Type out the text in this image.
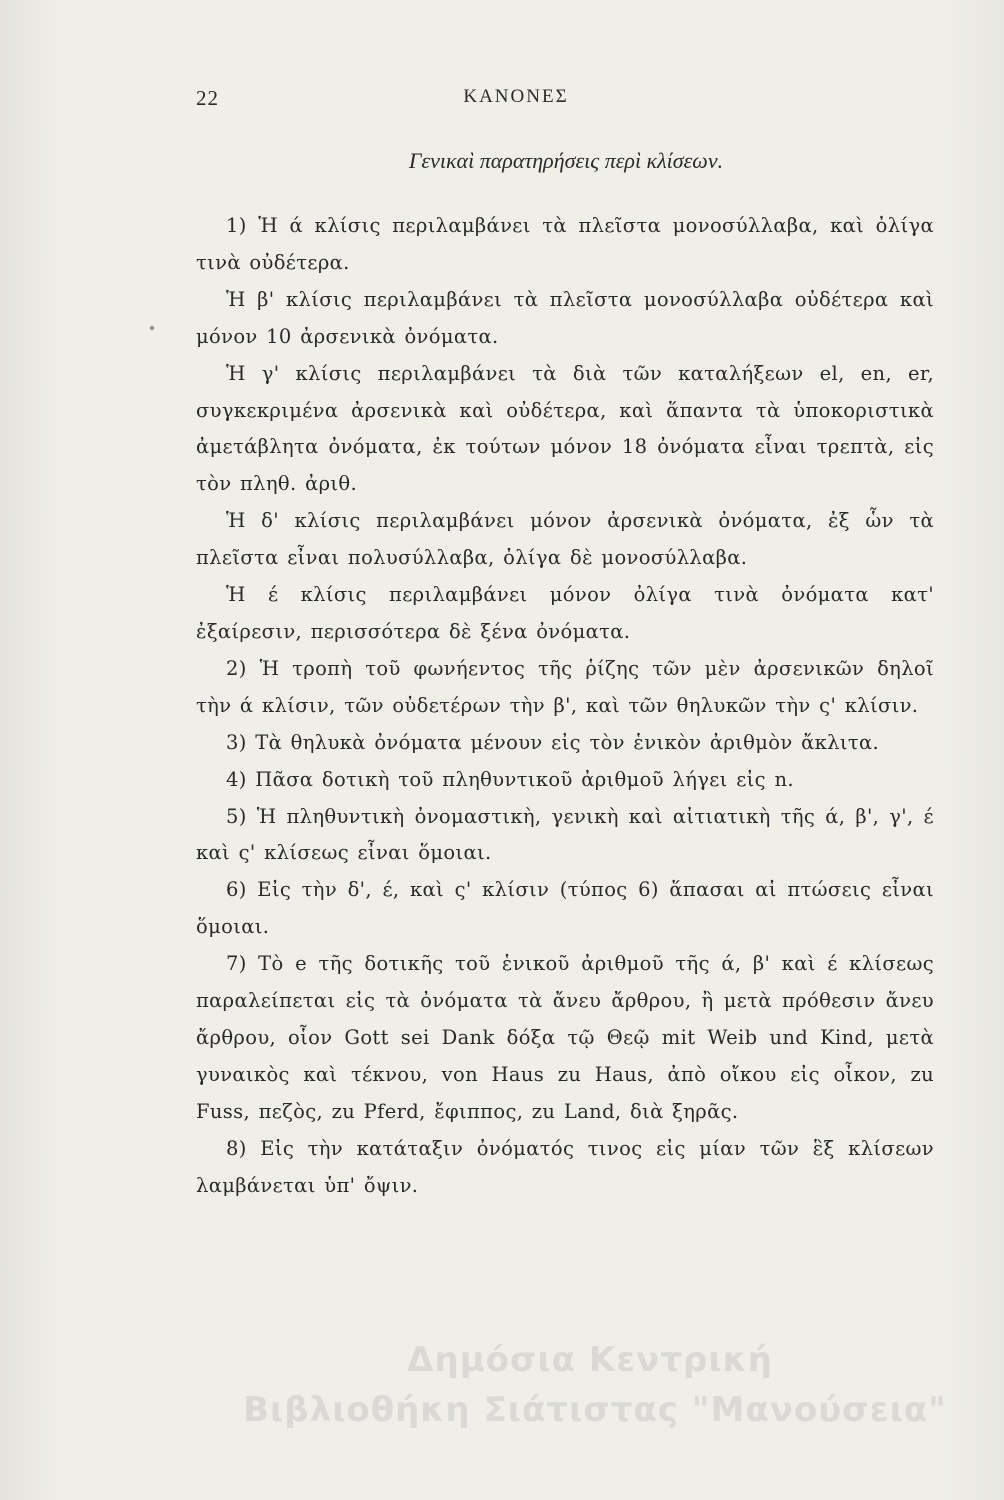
22	ΚΑΝΟΝΕΣ
Γενικαὶ παρατηρήσεις περὶ κλίσεων.

1) Ἡ ά κλίσις περιλαμβάνει τὰ πλεῖστα μονοσύλλαβα, καὶ ὀλίγα τινὰ οὐδέτερα.

Ἡ β' κλίσις περιλαμβάνει τὰ πλεῖστα μονοσύλλαβα οὐδέτερα καὶ μόνον 10 ἀρσενικὰ ὀνόματα.

Ἡ γ' κλίσις περιλαμβάνει τὰ διὰ τῶν καταλήξεων el, en, er, συγκεκριμένα ἀρσενικὰ καὶ οὐδέτερα, καὶ ἅπαντα τὰ ὑποκοριστικὰ ἀμετάβλητα ὀνόματα, ἐκ τούτων μόνον 18 ὀνόματα εἶναι τρεπτὰ, εἰς τὸν πληθ. ἀριθ.

Ἡ δ' κλίσις περιλαμβάνει μόνον ἀρσενικὰ ὀνόματα, ἐξ ὧν τὰ πλεῖστα εἶναι πολυσύλλαβα, ὀλίγα δὲ μονοσύλλαβα.

Ἡ έ κλίσις περιλαμβάνει μόνον ὀλίγα τινὰ ὀνόματα κατ' ἐξαίρεσιν, περισσότερα δὲ ξένα ὀνόματα.

2) Ἡ τροπὴ τοῦ φωνήεντος τῆς ῥίζης τῶν μὲν ἀρσενικῶν δηλοῖ τὴν ά κλίσιν, τῶν οὐδετέρων τὴν β', καὶ τῶν θηλυκῶν τὴν ς' κλίσιν.

3) Τὰ θηλυκὰ ὀνόματα μένουν εἰς τὸν ἑνικὸν ἀριθμὸν ἄκλιτα.

4) Πᾶσα δοτικὴ τοῦ πληθυντικοῦ ἀριθμοῦ λήγει εἰς n.

5) Ἡ πληθυντικὴ ὀνομαστικὴ, γενικὴ καὶ αἰτιατικὴ τῆς ά, β', γ', έ καὶ ς' κλίσεως εἶναι ὅμοιαι.

6) Εἰς τὴν δ', έ, καὶ ς' κλίσιν (τύπος 6) ἅπασαι αἱ πτώσεις εἶναι ὅμοιαι.

7) Τὸ e τῆς δοτικῆς τοῦ ἑνικοῦ ἀριθμοῦ τῆς ά, β' καὶ έ κλίσεως παραλείπεται εἰς τὰ ὀνόματα τὰ ἄνευ ἄρθρου, ἢ μετὰ πρόθεσιν ἄνευ ἄρθρου, οἷον Gott sei Dank δόξα τῷ Θεῷ mit Weib und Kind, μετὰ γυναικὸς καὶ τέκνου, von Haus zu Haus, ἀπὸ οἴκου εἰς οἶκον, zu Fuss, πεζὸς, zu Pferd, ἔφιππος, zu Land, διὰ ξηρᾶς.

8) Εἰς τὴν κατάταξιν ὀνόματός τινος εἰς μίαν τῶν ἓξ κλίσεων λαμβάνεται ὑπ' ὄψιν.

Δημόσια Κεντρική
Βιβλιοθήκη Σιάτιστας "Μανούσεια"
